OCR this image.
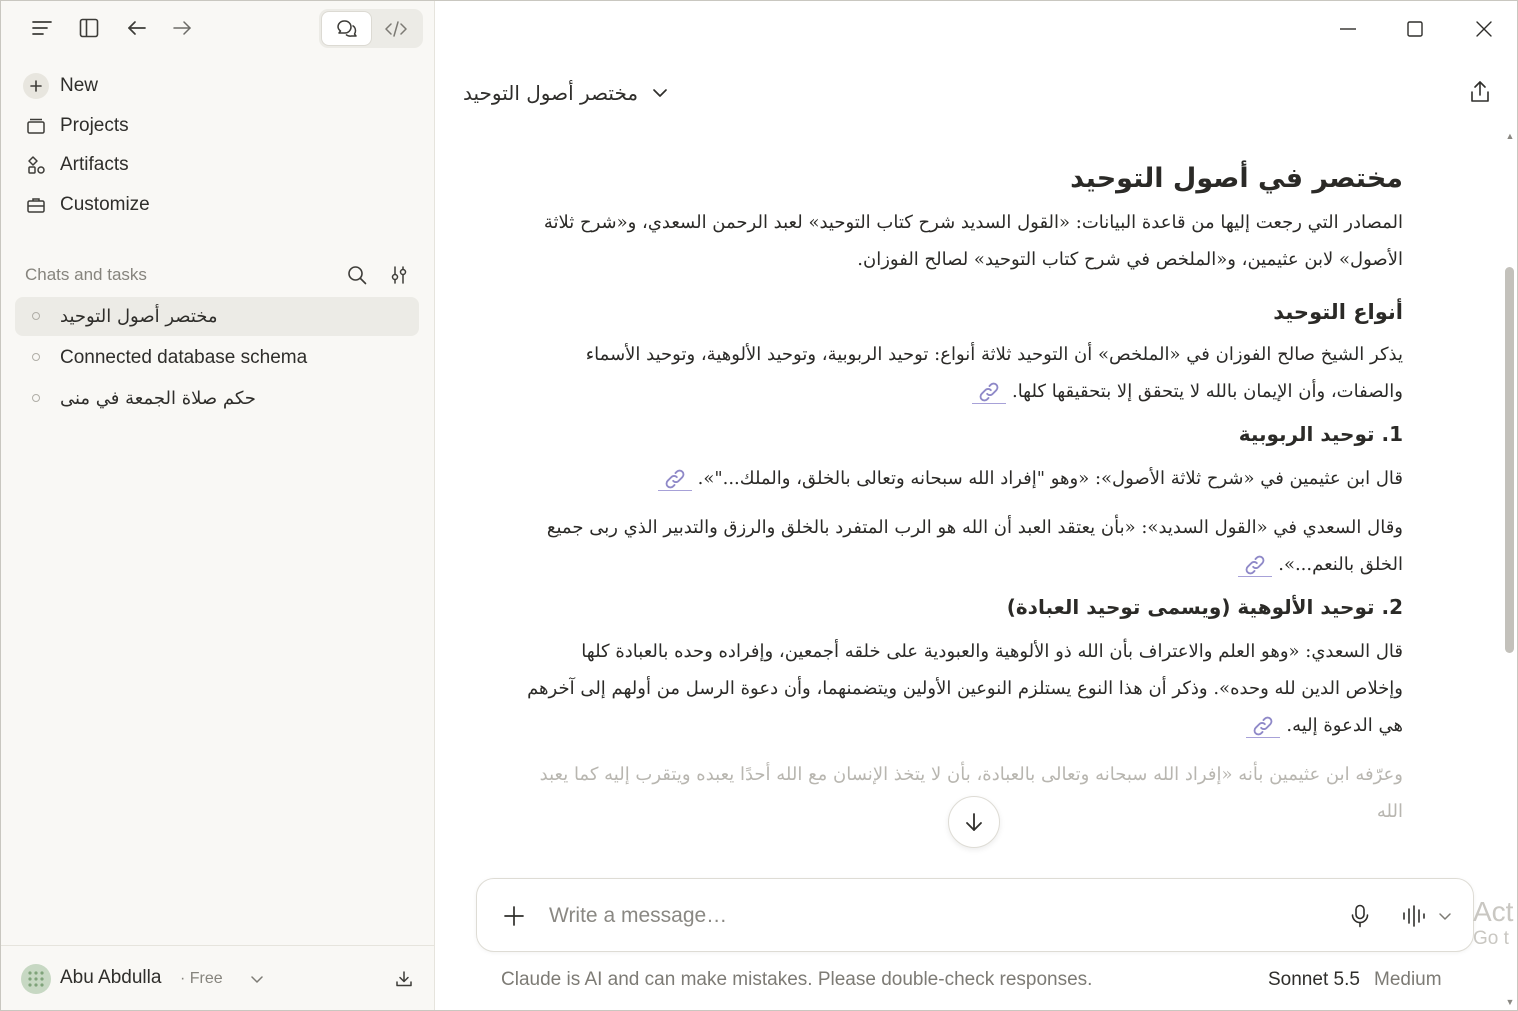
New
Projects
Artifacts
Customize
Chats and tasks
مختصر أصول التوحيد
Connected database schema
حكم صلاة الجمعة في منى
Abu Abdulla · Free
مختصر أصول التوحيد
مختصر في أصول التوحيد

المصادر التي رجعت إليها من قاعدة البيانات: «القول السديد شرح كتاب التوحيد» لعبد الرحمن السعدي، و«شرح ثلاثة الأصول» لابن عثيمين، و«الملخص في شرح كتاب التوحيد» لصالح الفوزان.

أنواع التوحيد

يذكر الشيخ صالح الفوزان في «الملخص» أن التوحيد ثلاثة أنواع: توحيد الربوبية، وتوحيد الألوهية، وتوحيد الأسماء والصفات، وأن الإيمان بالله لا يتحقق إلا بتحقيقها كلها.

1. توحيد الربوبية

قال ابن عثيمين في «شرح ثلاثة الأصول»: «وهو "إفراد الله سبحانه وتعالى بالخلق، والملك..."».

وقال السعدي في «القول السديد»: «بأن يعتقد العبد أن الله هو الرب المتفرد بالخلق والرزق والتدبير الذي ربى جميع الخلق بالنعم...».

2. توحيد الألوهية (ويسمى توحيد العبادة)

قال السعدي: «وهو العلم والاعتراف بأن الله ذو الألوهية والعبودية على خلقه أجمعين، وإفراده وحده بالعبادة كلها وإخلاص الدين لله وحده». وذكر أن هذا النوع يستلزم النوعين الأولين ويتضمنهما، وأن دعوة الرسل من أولهم إلى آخرهم هي الدعوة إليه.

وعرّفه ابن عثيمين بأنه «إفراد الله سبحانه وتعالى بالعبادة، بأن لا يتخذ الإنسان مع الله أحدًا يعبده ويتقرب إليه كما يعبد الله

▲
▼
Write a message…
Act
Go t
Claude is AI and can make mistakes. Please double-check responses.	Sonnet 5.5 Medium
